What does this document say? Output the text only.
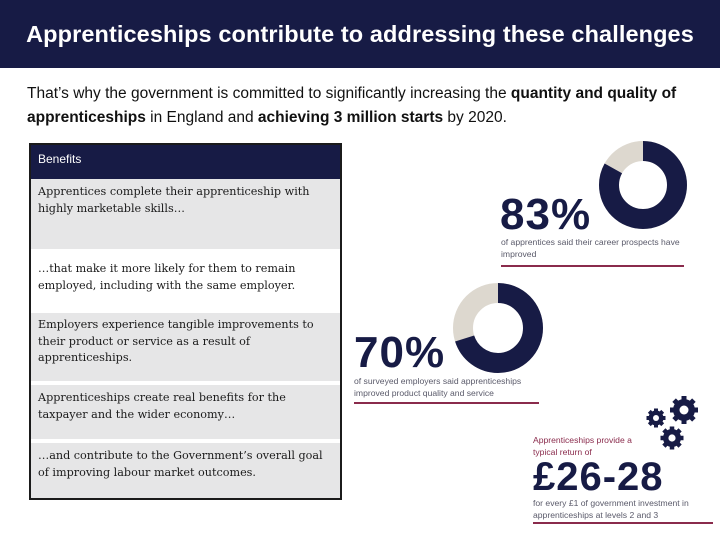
Apprenticeships contribute to addressing these challenges
That’s why the government is committed to significantly increasing the quantity and quality of apprenticeships in England and achieving 3 million starts by 2020.
Benefits
Apprentices complete their apprenticeship with highly marketable skills…
…that make it more likely for them to remain employed, including with the same employer.
Employers experience tangible improvements to their product or service as a result of apprenticeships.
Apprenticeships create real benefits for the taxpayer and the wider economy…
…and contribute to the Government’s overall goal of improving labour market outcomes.
83%
of apprentices said their career prospects have improved
70%
of surveyed employers said apprenticeships improved product quality and service
Apprenticeships provide a typical return of
£26-28
for every £1 of government investment in apprenticeships at levels 2 and 3
